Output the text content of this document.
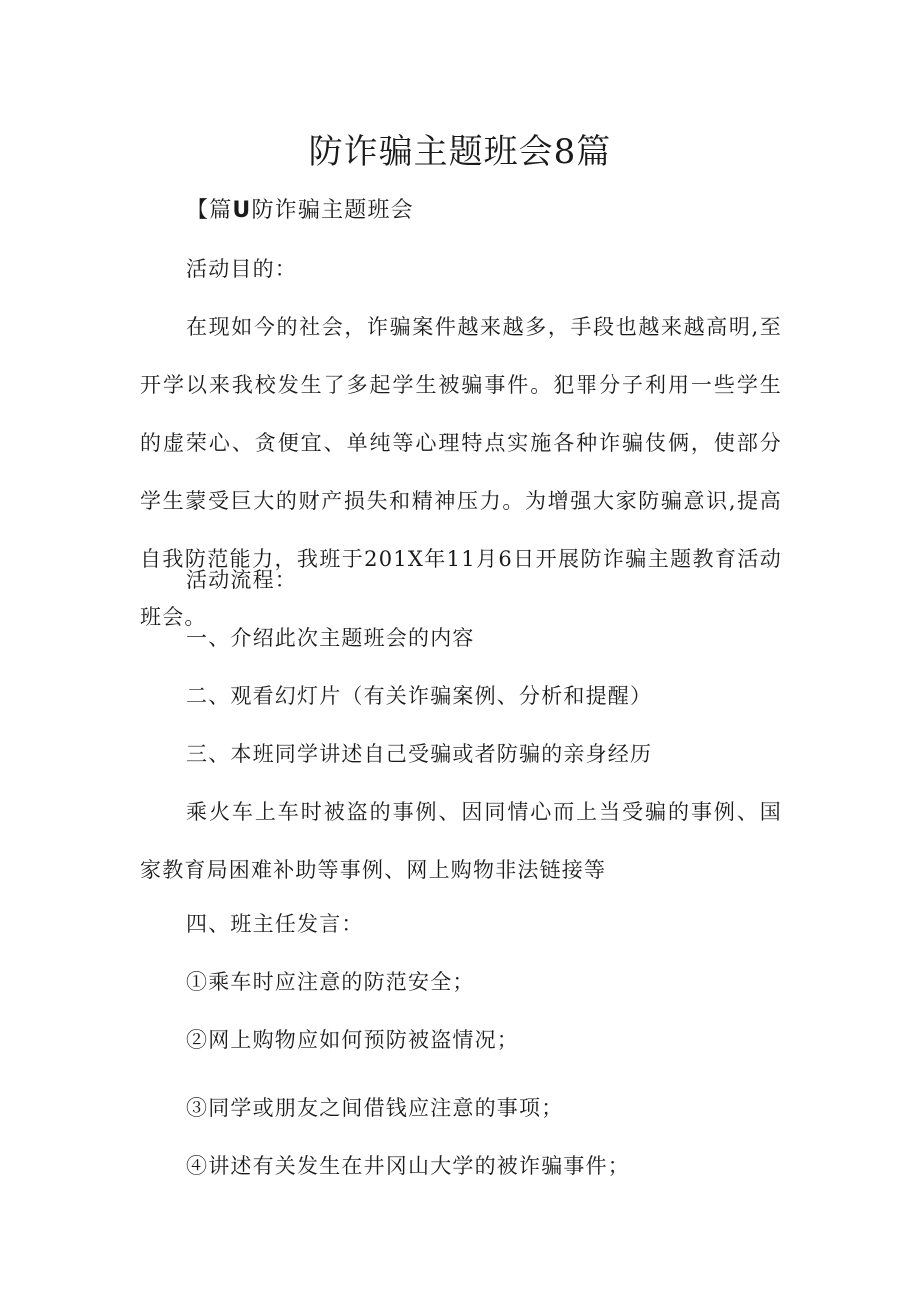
防诈骗主题班会8篇
【篇U防诈骗主题班会
活动目的：
在现如今的社会，诈骗案件越来越多，手段也越来越高明,至开学以来我校发生了多起学生被骗事件。犯罪分子利用一些学生的虚荣心、贪便宜、单纯等心理特点实施各种诈骗伎俩，使部分学生蒙受巨大的财产损失和精神压力。为增强大家防骗意识,提高自我防范能力，我班于201X年11月6日开展防诈骗主题教育活动班会。
活动流程：
一、介绍此次主题班会的内容
二、观看幻灯片（有关诈骗案例、分析和提醒）
三、本班同学讲述自己受骗或者防骗的亲身经历
乘火车上车时被盗的事例、因同情心而上当受骗的事例、国家教育局困难补助等事例、网上购物非法链接等
四、班主任发言：
①乘车时应注意的防范安全；
②网上购物应如何预防被盗情况；
③同学或朋友之间借钱应注意的事项；
④讲述有关发生在井冈山大学的被诈骗事件；
